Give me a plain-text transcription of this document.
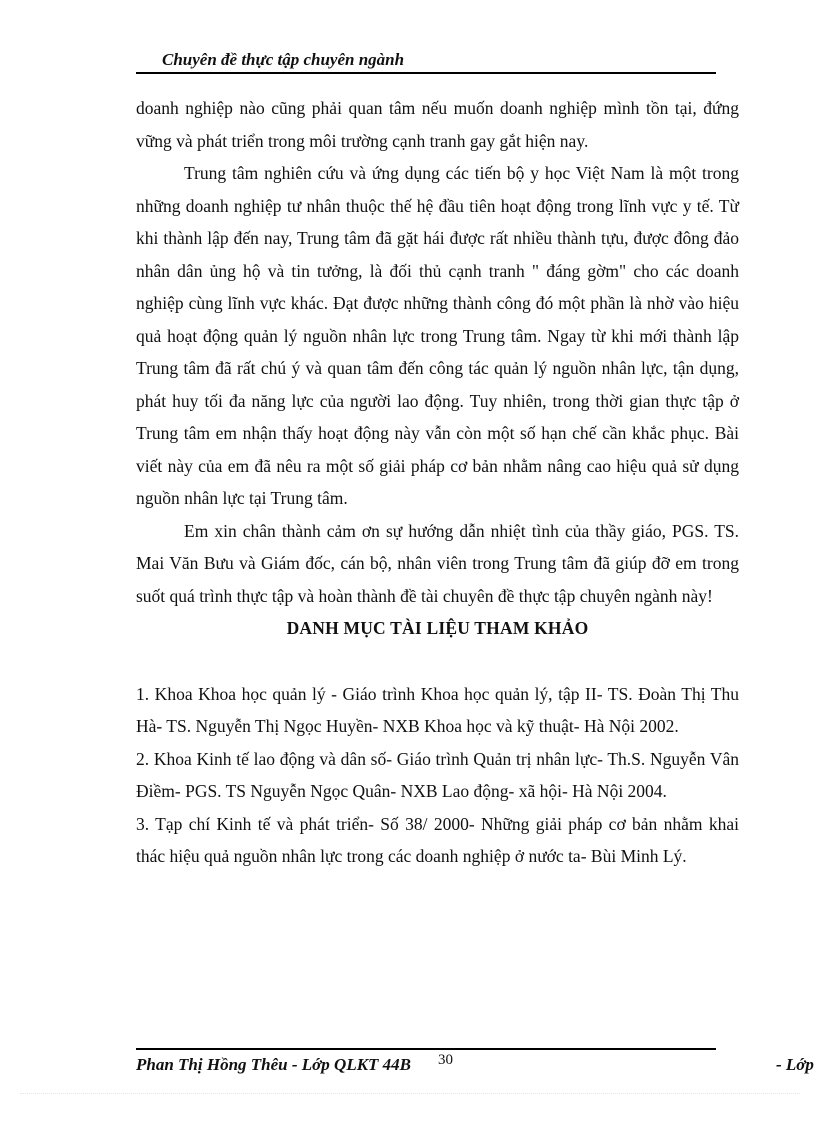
Chuyên đề thực tập chuyên ngành

doanh nghiệp nào cũng phải quan tâm nếu muốn doanh nghiệp mình tồn tại, đứng vững và phát triển trong môi trường cạnh tranh gay gắt hiện nay.

Trung tâm nghiên cứu và ứng dụng các tiến bộ y học Việt Nam là một trong những doanh nghiệp tư nhân thuộc thế hệ đầu tiên hoạt động trong lĩnh vực y tế. Từ khi thành lập đến nay, Trung tâm đã gặt hái được rất nhiều thành tựu, được đông đảo nhân dân ủng hộ và tin tưởng, là đối thủ cạnh tranh " đáng gờm" cho các doanh nghiệp cùng lĩnh vực khác. Đạt được những thành công đó một phần là nhờ vào hiệu quả hoạt động quản lý nguồn nhân lực trong Trung tâm. Ngay từ khi mới thành lập Trung tâm đã rất chú ý và quan tâm đến công tác quản lý nguồn nhân lực, tận dụng, phát huy tối đa năng lực của người lao động. Tuy nhiên, trong thời gian thực tập ở Trung tâm em nhận thấy hoạt động này vẫn còn một số hạn chế cần khắc phục. Bài viết này của em đã nêu ra một số giải pháp cơ bản nhằm nâng cao hiệu quả sử dụng nguồn nhân lực tại Trung tâm.

Em xin chân thành cảm ơn sự hướng dẫn nhiệt tình của thầy giáo, PGS. TS. Mai Văn Bưu và Giám đốc, cán bộ, nhân viên trong Trung tâm đã giúp đỡ em trong suốt quá trình thực tập và hoàn thành đề tài chuyên đề thực tập chuyên ngành này!

DANH MỤC TÀI LIỆU THAM KHẢO

1. Khoa Khoa học quản lý - Giáo trình Khoa học quản lý, tập II- TS. Đoàn Thị Thu Hà- TS. Nguyễn Thị Ngọc Huyền- NXB Khoa học và kỹ thuật- Hà Nội 2002.

2. Khoa Kinh tế lao động và dân số- Giáo trình Quản trị nhân lực- Th.S. Nguyễn Vân Điềm- PGS. TS Nguyễn Ngọc Quân- NXB Lao động- xã hội- Hà Nội 2004.

3. Tạp chí Kinh tế và phát triển- Số 38/ 2000- Những giải pháp cơ bản nhằm khai thác hiệu quả nguồn nhân lực trong các doanh nghiệp ở nước ta- Bùi Minh Lý.

Phan Thị Hồng Thêu - Lớp QLKT 44B 30	- Lớp
